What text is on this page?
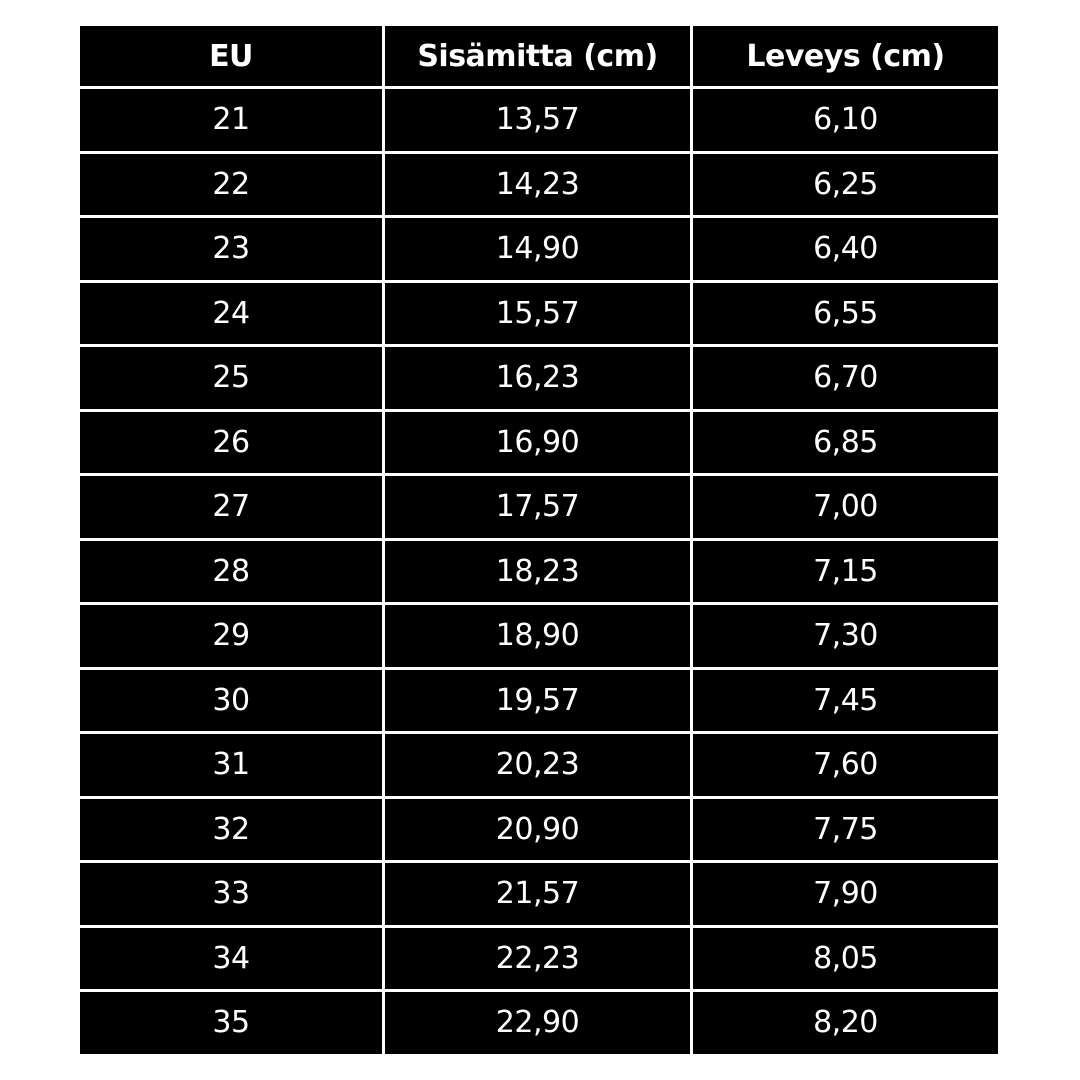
EU	Sisämitta (cm)	Leveys (cm)
21	13,57	6,10
22	14,23	6,25
23	14,90	6,40
24	15,57	6,55
25	16,23	6,70
26	16,90	6,85
27	17,57	7,00
28	18,23	7,15
29	18,90	7,30
30	19,57	7,45
31	20,23	7,60
32	20,90	7,75
33	21,57	7,90
34	22,23	8,05
35	22,90	8,20
